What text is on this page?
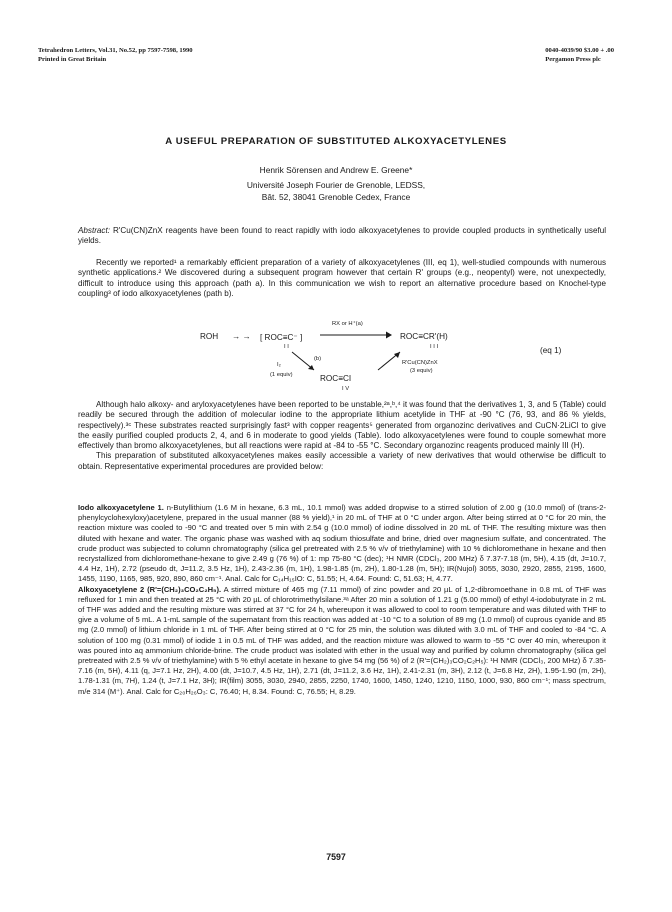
Tetrahedron Letters, Vol.31, No.52, pp 7597-7598, 1990
Printed in Great Britain
0040-4039/90 $3.00 + .00
Pergamon Press plc
A USEFUL PREPARATION OF SUBSTITUTED ALKOXYACETYLENES
Henrik Sörensen and Andrew E. Greene*
Université Joseph Fourier de Grenoble, LEDSS,
Bât. 52, 38041 Grenoble Cedex, France

Abstract: R'Cu(CN)ZnX reagents have been found to react rapidly with iodo alkoxyacetylenes to provide coupled products in synthetically useful yields.

Recently we reported¹ a remarkably efficient preparation of a variety of alkoxyacetylenes (III, eq 1), well-studied compounds with numerous synthetic applications.² We discovered during a subsequent program however that certain R' groups (e.g., neopentyl) were, not unexpectedly, difficult to introduce using this approach (path a). In this communication we wish to report an alternative procedure based on Knochel-type coupling³ of iodo alkoxyacetylenes (path b).

ROH → → [ ROC≡C⁻ ]
I I
RX or H⁺(a)
ROC≡CR'(H)
I I I
I₂
(b)
(1 equiv)	ROC≡CI
I V
R'Cu(CN)ZnX
(3 equiv)
(eq 1)

Although halo alkoxy- and aryloxyacetylenes have been reported to be unstable,²ᵃ,ᵇ,⁴ it was found that the derivatives 1, 3, and 5 (Table) could readily be secured through the addition of molecular iodine to the appropriate lithium acetylide in THF at -90 °C (76, 93, and 86 % yields, respectively).³ᶜ These substrates reacted surprisingly fast³ with copper reagents⁵ generated from organozinc derivatives and CuCN·2LiCl to give the easily purified coupled products 2, 4, and 6 in moderate to good yields (Table). Iodo alkoxyacetylenes were found to couple somewhat more effectively than bromo alkoxyacetylenes, but all reactions were rapid at -84 to -55 °C. Secondary organozinc reagents produced mainly III (H).

This preparation of substituted alkoxyacetylenes makes easily accessible a variety of new derivatives that would otherwise be difficult to obtain. Representative experimental procedures are provided below:

Iodo alkoxyacetylene 1. n-Butyllithium (1.6 M in hexane, 6.3 mL, 10.1 mmol) was added dropwise to a stirred solution of 2.00 g (10.0 mmol) of (trans-2-phenylcyclohexyloxy)acetylene, prepared in the usual manner (88 % yield),¹ in 20 mL of THF at 0 °C under argon. After being stirred at 0 °C for 20 min, the reaction mixture was cooled to -90 °C and treated over 5 min with 2.54 g (10.0 mmol) of iodine dissolved in 20 mL of THF. The resulting mixture was then diluted with hexane and water. The organic phase was washed with aq sodium thiosulfate and brine, dried over magnesium sulfate, and concentrated. The crude product was subjected to column chromatography (silica gel pretreated with 2.5 % v/v of triethylamine) with 10 % dichloromethane in hexane and then recrystallized from dichloromethane-hexane to give 2.49 g (76 %) of 1: mp 75-80 °C (dec); ¹H NMR (CDCl₃, 200 MHz) δ 7.37-7.18 (m, 5H), 4.15 (dt, J=10.7, 4.4 Hz, 1H), 2.72 (pseudo dt, J=11.2, 3.5 Hz, 1H), 2.43-2.36 (m, 1H), 1.98-1.85 (m, 2H), 1.80-1.28 (m, 5H); IR(Nujol) 3055, 3030, 2920, 2855, 2195, 1600, 1455, 1190, 1165, 985, 920, 890, 860 cm⁻¹. Anal. Calc for C₁₄H₁₅IO: C, 51.55; H, 4.64. Found: C, 51.63; H, 4.77.

Alkoxyacetylene 2 (R'=(CH₂)₃CO₂C₂H₅). A stirred mixture of 465 mg (7.11 mmol) of zinc powder and 20 µL of 1,2-dibromoethane in 0.8 mL of THF was refluxed for 1 min and then treated at 25 °C with 20 µL of chlorotrimethylsilane.³ᵃ After 20 min a solution of 1.21 g (5.00 mmol) of ethyl 4-iodobutyrate in 2 mL of THF was added and the resulting mixture was stirred at 37 °C for 24 h, whereupon it was allowed to cool to room temperature and was diluted with THF to give a volume of 5 mL. A 1-mL sample of the supernatant from this reaction was added at -10 °C to a solution of 89 mg (1.0 mmol) of cuprous cyanide and 85 mg (2.0 mmol) of lithium chloride in 1 mL of THF. After being stirred at 0 °C for 25 min, the solution was diluted with 3.0 mL of THF and cooled to -84 °C. A solution of 100 mg (0.31 mmol) of iodide 1 in 0.5 mL of THF was added, and the reaction mixture was allowed to warm to -55 °C over 40 min, whereupon it was poured into aq ammonium chloride-brine. The crude product was isolated with ether in the usual way and purified by column chromatography (silica gel pretreated with 2.5 % v/v of triethylamine) with 5 % ethyl acetate in hexane to give 54 mg (56 %) of 2 (R'=(CH₂)₃CO₂C₂H₅): ¹H NMR (CDCl₃, 200 MHz) δ 7.35-7.16 (m, 5H), 4.11 (q, J=7.1 Hz, 2H), 4.00 (dt, J=10.7, 4.5 Hz, 1H), 2.71 (dt, J=11.2, 3.6 Hz, 1H), 2.41-2.31 (m, 3H), 2.12 (t, J=6.8 Hz, 2H), 1.95-1.90 (m, 2H), 1.78-1.31 (m, 7H), 1.24 (t, J=7.1 Hz, 3H); IR(film) 3055, 3030, 2940, 2855, 2250, 1740, 1600, 1450, 1240, 1210, 1150, 1000, 930, 860 cm⁻¹; mass spectrum, m/e 314 (M⁺). Anal. Calc for C₂₀H₂₆O₃: C, 76.40; H, 8.34. Found: C, 76.55; H, 8.29.

7597
